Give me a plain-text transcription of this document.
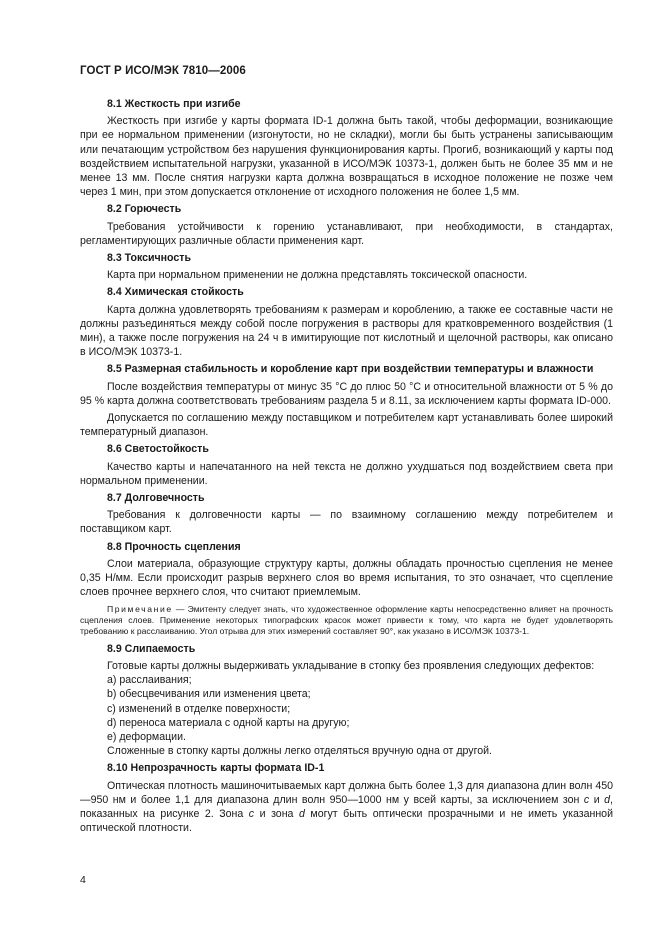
ГОСТ Р ИСО/МЭК 7810—2006
8.1 Жесткость при изгибе
Жесткость при изгибе у карты формата ID-1 должна быть такой, чтобы деформации, возникающие при ее нормальном применении (изгонутости, но не складки), могли бы быть устранены записывающим или печатающим устройством без нарушения функционирования карты. Прогиб, возникающий у карты под воздействием испытательной нагрузки, указанной в ИСО/МЭК 10373-1, должен быть не более 35 мм и не менее 13 мм. После снятия нагрузки карта должна возвращаться в исходное положение не позже чем через 1 мин, при этом допускается отклонение от исходного положения не более 1,5 мм.
8.2 Горючесть
Требования устойчивости к горению устанавливают, при необходимости, в стандартах, регламентирующих различные области применения карт.
8.3 Токсичность
Карта при нормальном применении не должна представлять токсической опасности.
8.4 Химическая стойкость
Карта должна удовлетворять требованиям к размерам и короблению, а также ее составные части не должны разъединяться между собой после погружения в растворы для кратковременного воздействия (1 мин), а также после погружения на 24 ч в имитирующие пот кислотный и щелочной растворы, как описано в ИСО/МЭК 10373-1.
8.5 Размерная стабильность и коробление карт при воздействии температуры и влажности
После воздействия температуры от минус 35 °С до плюс 50 °С и относительной влажности от 5 % до 95 % карта должна соответствовать требованиям раздела 5 и 8.11, за исключением карты формата ID-000.
Допускается по соглашению между поставщиком и потребителем карт устанавливать более широкий температурный диапазон.
8.6 Светостойкость
Качество карты и напечатанного на ней текста не должно ухудшаться под воздействием света при нормальном применении.
8.7 Долговечность
Требования к долговечности карты — по взаимному соглашению между потребителем и поставщиком карт.
8.8 Прочность сцепления
Слои материала, образующие структуру карты, должны обладать прочностью сцепления не менее 0,35 Н/мм. Если происходит разрыв верхнего слоя во время испытания, то это означает, что сцепление слоев прочнее верхнего слоя, что считают приемлемым.
Примечание — Эмитенту следует знать, что художественное оформление карты непосредственно влияет на прочность сцепления слоев. Применение некоторых типографских красок может привести к тому, что карта не будет удовлетворять требованию к расслаиванию. Угол отрыва для этих измерений составляет 90°, как указано в ИСО/МЭК 10373-1.
8.9 Слипаемость
Готовые карты должны выдерживать укладывание в стопку без проявления следующих дефектов:
a) расслаивания;
b) обесцвечивания или изменения цвета;
c) изменений в отделке поверхности;
d) переноса материала с одной карты на другую;
e) деформации.
Сложенные в стопку карты должны легко отделяться вручную одна от другой.
8.10 Непрозрачность карты формата ID-1
Оптическая плотность машиночитываемых карт должна быть более 1,3 для диапазона длин волн 450—950 нм и более 1,1 для диапазона длин волн 950—1000 нм у всей карты, за исключением зон c и d, показанных на рисунке 2. Зона c и зона d могут быть оптически прозрачными и не иметь указанной оптической плотности.
4
